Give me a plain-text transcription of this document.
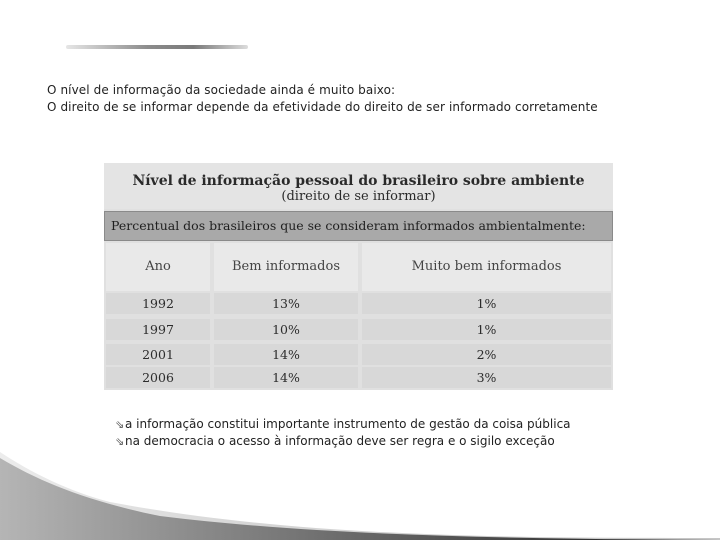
O nível de informação da sociedade ainda é muito baixo:
O direito de se informar depende da efetividade do direito de ser informado corretamente
Nível de informação pessoal do brasileiro sobre ambiente
(direito de se informar)
Percentual dos brasileiros que se consideram informados ambientalmente:
Ano	Bem informados	Muito bem informados
1992	13%	1%
1997	10%	1%
2001	14%	2%
2006	14%	3%
⇘a informação constitui importante instrumento de gestão da coisa pública
⇘na democracia o acesso à informação deve ser regra e o sigilo exceção
